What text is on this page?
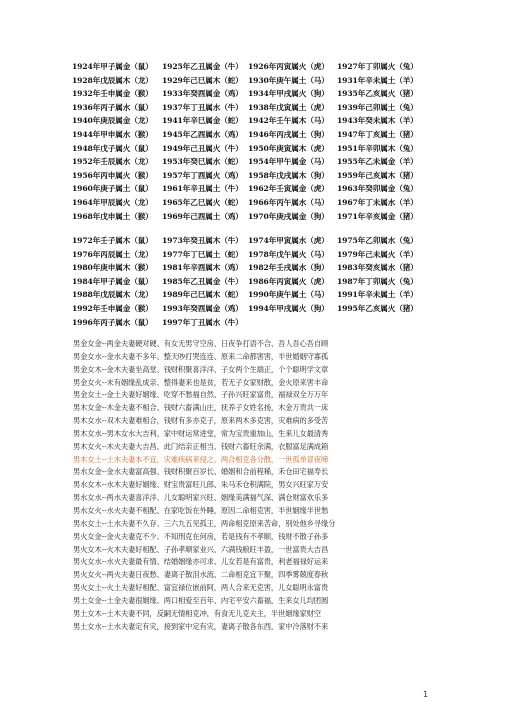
1924年甲子属金（鼠） 1925年乙丑属金（牛） 1926年丙寅属火（虎） 1927年丁卯属火（兔）
1928年戊辰属木（龙） 1929年己巳属木（蛇） 1930年庚午属土（马） 1931年辛未属土（羊）
1932年壬申属金（猴） 1933年癸酉属金（鸡） 1934年甲戌属火（狗） 1935年乙亥属火（猪）
1936年丙子属水（鼠） 1937年丁丑属水（牛） 1938年戊寅属土（虎） 1939年己卯属土（兔）
1940年庚辰属金（龙） 1941年辛巳属金（蛇） 1942年壬午属木（马） 1943年癸未属木（羊）
1944年甲申属水（猴） 1945年乙酉属水（鸡） 1946年丙戌属土（狗） 1947年丁亥属土（猪）
1948年戊子属火（鼠） 1949年己丑属火（牛） 1950年庚寅属木（虎） 1951年辛卯属木（兔）
1952年壬辰属水（龙） 1953年癸巳属水（蛇） 1954年甲午属金（马） 1955年乙未属金（羊）
1956年丙申属火（猴） 1957年丁酉属火（鸡） 1958年戊戌属木（狗） 1959年己亥属木（猪）
1960年庚子属土（鼠） 1961年辛丑属土（牛） 1962年壬寅属金（虎） 1963年癸卯属金（兔）
1964年甲辰属火（龙） 1965年乙巳属火（蛇） 1966年丙午属水（马） 1967年丁未属水（羊）
1968年戊申属土（猴） 1969年己酉属土（鸡） 1970年庚戌属金（狗） 1971年辛亥属金（猪）
1972年壬子属木（鼠） 1973年癸丑属木（牛） 1974年甲寅属水（虎） 1975年乙卯属水（兔）
1976年丙辰属土（龙） 1977年丁巳属土（蛇） 1978年戊午属火（马） 1979年己未属火（羊）
1980年庚申属木（猴） 1981年辛酉属木（鸡） 1982年壬戌属水（狗） 1983年癸亥属水（猪）
1984年甲子属金（鼠） 1985年乙丑属金（牛） 1986年丙寅属火（虎） 1987年丁卯属火（兔）
1988年戊辰属木（龙） 1989年己巳属木（蛇） 1990年庚午属土（马） 1991年辛未属土（羊）
1992年壬申属金（猴） 1993年癸酉属金（鸡） 1994年甲戌属火（狗） 1995年乙亥属火（猪）
1996年丙子属水（鼠） 1997年丁丑属水（牛）
男金女金--两金夫妻硬对硬、有女无男守空房、日夜争打语不合、吾人吾心吾自顾
男金女水--金水夫妻不多年、整天吵打哭连连、原来二命都害害，半世婚姻守寡孤
男金女木--金木夫妻坐高堂、钱财积聚喜洋洋、子女两个生端正，个个聪明学文章
男金女火--未有姻缘乱成亲、整得妻来也是贫，若无子女家财散，金火原来害丰命
男金女土--金土夫妻好姻缘、吃穿不愁福自然、子孙兴旺家富贵，福禄双全万万年
男木女金--木金夫妻不相合、钱财六畜满山庄，抚养子女姓名扬，木金万贵共一床
男木女水--双木夫妻难相合，钱财有多亦克子，原来两木多克害，灾难病的多受苦
男木女水--男木女水大吉利、家中财运常进堂，常为宝贵重加山，生来儿女最清秀
男木女火--木火夫妻大吉昌、此门结亲正相当、钱财六畜旺余满，衣服富足满成箱
男木女土--土木夫妻本不宜，灾难疾病来侵之，两合相克各分散，一世孤单冒夜啼
男水女金--金水夫妻富高强、钱财积聚百岁长、婚姻和合前程稀，禾仓田宅福寿长
男水女木--水木夫妻好姻缘、财宝贵富旺儿郎、朱马禾仓积满院，男女兴旺家万安
男水女水--两水夫妻喜洋洋、儿女聪明家兴旺、姻缘美满福气深、满仓财富欢乐多
男水女火--水火夫妻不相配、在家吃饭在外睡，原因二命相克害，半世姻缘半世愁
男水女土--土水夫妻不久存、三六九五见孤王，两命相克原来苦命，别处他乡寻缘分
男火女金--金火夫妻克不少、不知刑克在何房，若是钱有不孝顺，钱财不散子孙多
男火女木--火木夫妻好相配、子孙孝顺家业兴、六满钱粮旺丰盈，一世富贵大吉昌
男火女水--水火夫妻最有情、结婚姻缘亦可求、儿女若是有富贵，利老福禄好运来
男火女火--两火夫妻日夜愁、妻离子散泪水流、二命相克宜下聚，四季雾兢度春秋
男火女土--火土夫妻好相配、富宜禄位嵌前阿，两人合来无克害，儿女聪明永富贵
男土女金--土金夫妻很姻缘、两口相爱至百年、内宅平安六畜福，生来女儿均团圆
男土女木--土木夫妻不同，反嗣无情相克冲，有食无儿克夫主，半世姻缘家财空
男土女水--土水夫妻定有灾，接到家中定有灾，妻离子散各东西，家中冷落财不来
1
